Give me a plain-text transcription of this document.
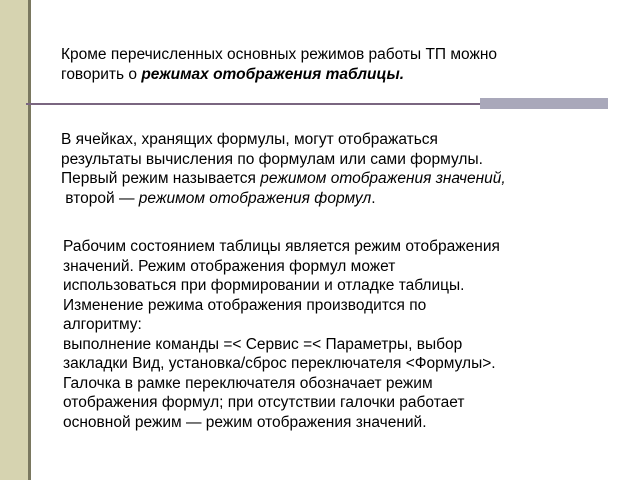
Кроме перечисленных основных режимов работы ТП можно
говорить о режимах отображения таблицы.
В ячейках, хранящих формулы, могут отображаться
результаты вычисления по формулам или сами формулы.
Первый режим называется режимом отображения значений,
второй — режимом отображения формул.
Рабочим состоянием таблицы является режим отображения
значений. Режим отображения формул может
использоваться при формировании и отладке таблицы.
Изменение режима отображения производится по
алгоритму:
выполнение команды =< Сервис =< Параметры, выбор
закладки Вид, установка/сброс переключателя <Формулы>.
Галочка в рамке переключателя обозначает режим
отображения формул; при отсутствии галочки работает
основной режим — режим отображения значений.
